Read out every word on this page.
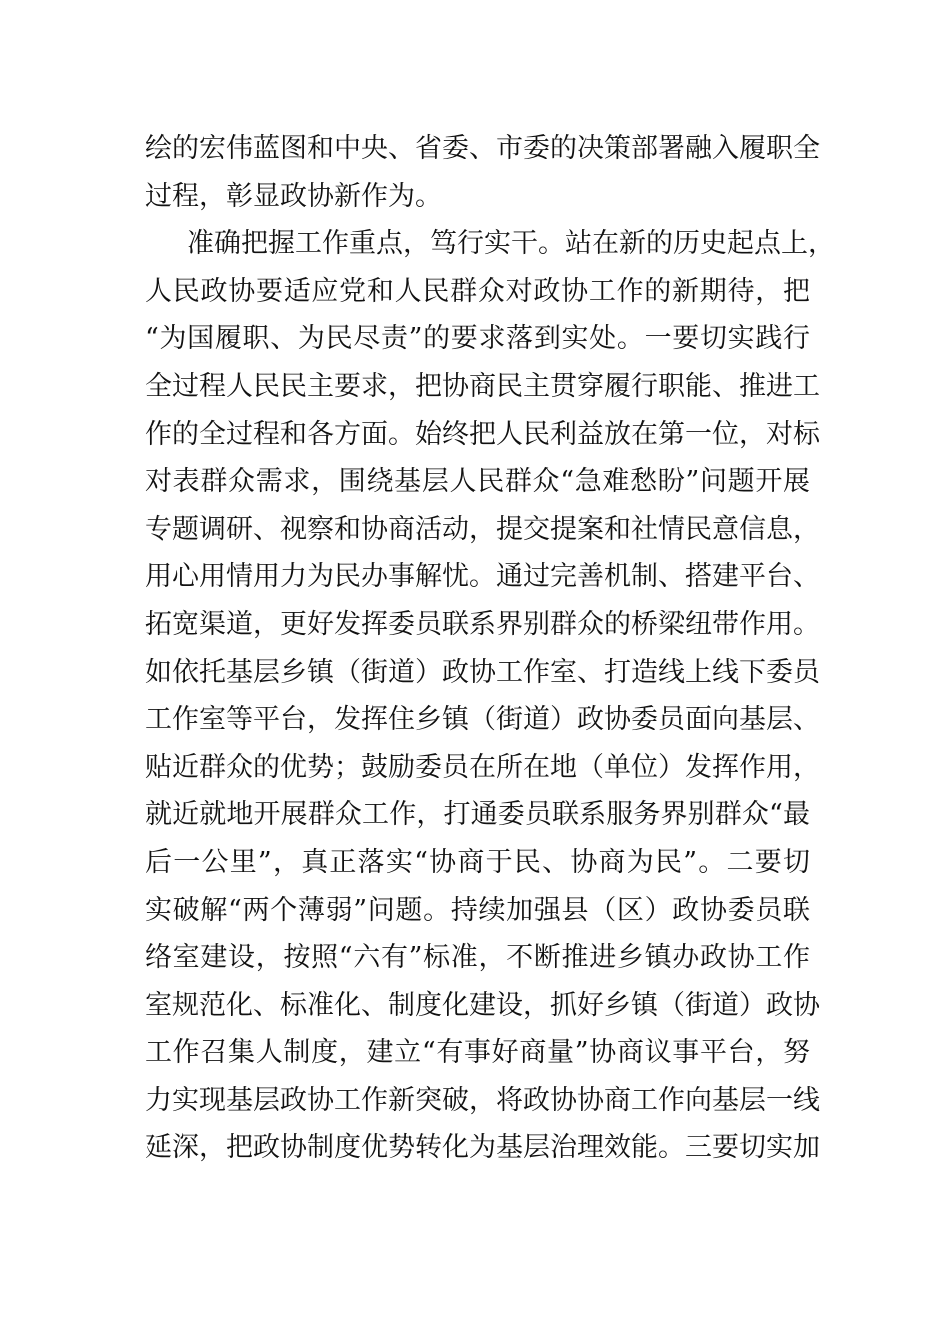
绘的宏伟蓝图和中央、省委、市委的决策部署融入履职全
过程，彰显政协新作为。
准确把握工作重点，笃行实干。站在新的历史起点上，
人民政协要适应党和人民群众对政协工作的新期待，把
“为国履职、为民尽责”的要求落到实处。一要切实践行
全过程人民民主要求，把协商民主贯穿履行职能、推进工
作的全过程和各方面。始终把人民利益放在第一位，对标
对表群众需求，围绕基层人民群众“急难愁盼”问题开展
专题调研、视察和协商活动，提交提案和社情民意信息，
用心用情用力为民办事解忧。通过完善机制、搭建平台、
拓宽渠道，更好发挥委员联系界别群众的桥梁纽带作用。
如依托基层乡镇（街道）政协工作室、打造线上线下委员
工作室等平台，发挥住乡镇（街道）政协委员面向基层、
贴近群众的优势；鼓励委员在所在地（单位）发挥作用，
就近就地开展群众工作，打通委员联系服务界别群众“最
后一公里”，真正落实“协商于民、协商为民”。二要切
实破解“两个薄弱”问题。持续加强县（区）政协委员联
络室建设，按照“六有”标准，不断推进乡镇办政协工作
室规范化、标准化、制度化建设，抓好乡镇（街道）政协
工作召集人制度，建立“有事好商量”协商议事平台，努
力实现基层政协工作新突破，将政协协商工作向基层一线
延深，把政协制度优势转化为基层治理效能。三要切实加
